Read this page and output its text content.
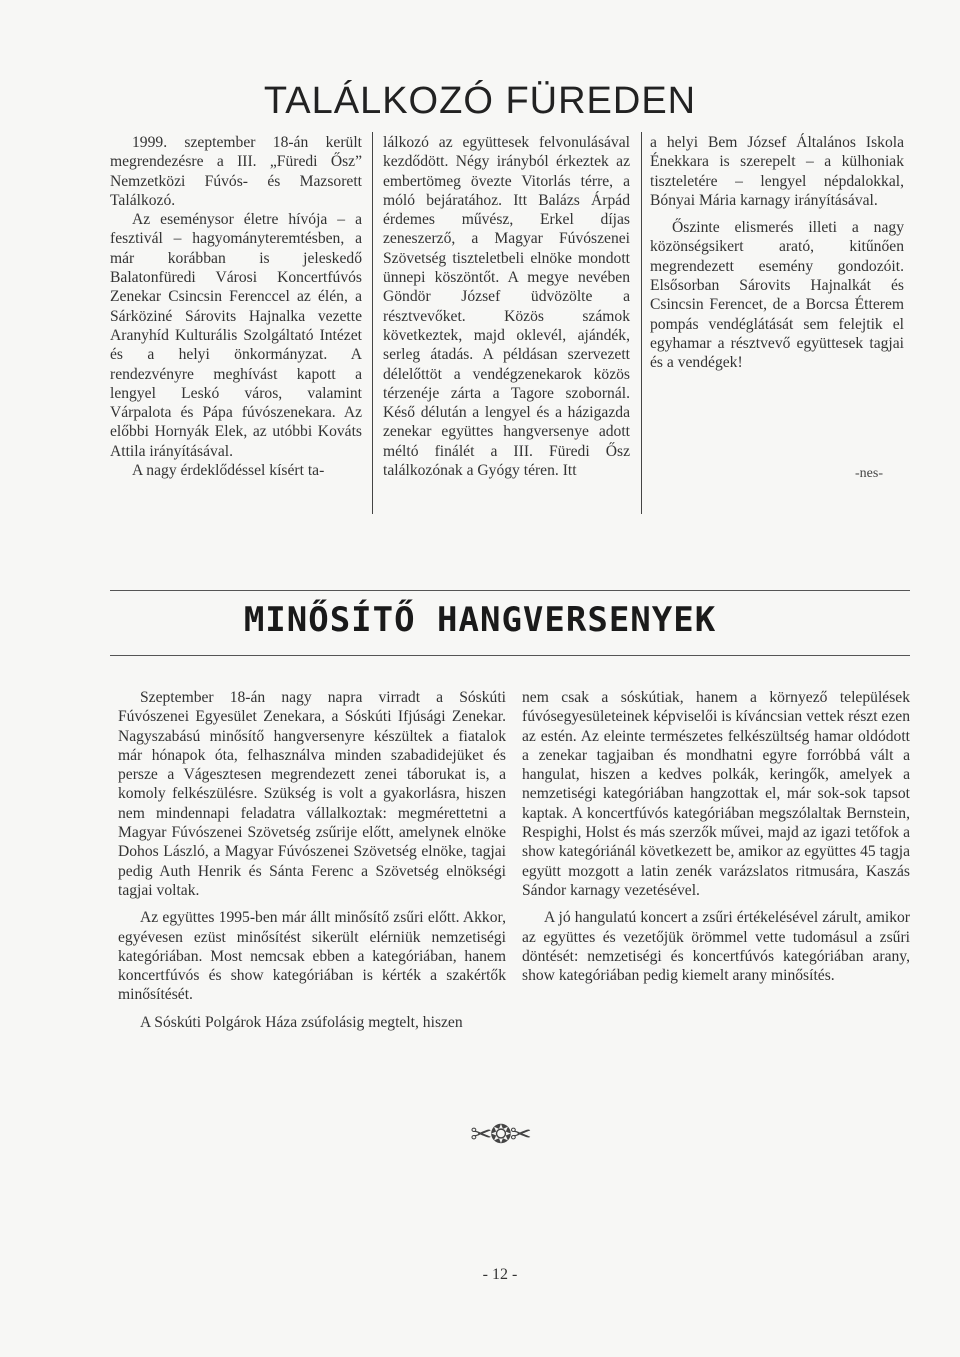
TALÁLKOZÓ FÜREDEN

1999. szeptember 18-án került megrendezésre a III. „Füredi Ősz” Nemzetközi Fúvós- és Mazsorett Találkozó.

Az eseménysor életre hívója – a fesztivál – hagyományteremtésben, a már korábban is jeleskedő Balatonfüredi Városi Koncertfúvós Zenekar Csincsin Ferenccel az élén, a Sárköziné Sárovits Hajnalka vezette Aranyhíd Kulturális Szolgáltató Intézet és a helyi önkormányzat. A rendezvényre meghívást kapott a lengyel Leskó város, valamint Várpalota és Pápa fúvószenekara. Az előbbi Hornyák Elek, az utóbbi Kováts Attila irányításával.

A nagy érdeklődéssel kísért ta-

lálkozó az együttesek felvonulásával kezdődött. Négy irányból érkeztek az embertömeg övezte Vitorlás térre, a móló bejáratához. Itt Balázs Árpád érdemes művész, Erkel díjas zeneszerző, a Magyar Fúvószenei Szövetség tiszteletbeli elnöke mondott ünnepi köszöntőt. A megye nevében Göndör József üdvözölte a résztvevőket. Közös számok következtek, majd oklevél, ajándék, serleg átadás. A példásan szervezett délelőttöt a vendégzenekarok közös térzenéje zárta a Tagore szobornál. Késő délután a lengyel és a házigazda zenekar együttes hangversenye adott méltó finálét a III. Füredi Ősz találkozónak a Gyógy téren. Itt

a helyi Bem József Általános Iskola Énekkara is szerepelt – a külhoniak tiszteletére – lengyel népdalokkal, Bónyai Mária karnagy irányításával.

Őszinte elismerés illeti a nagy közönségsikert arató, kitűnően megrendezett esemény gondozóit. Elsősorban Sárovits Hajnalkát és Csincsin Ferencet, de a Borcsa Étterem pompás vendéglátását sem felejtik el egyhamar a résztvevő együttesek tagjai és a vendégek!

-nes-
MINŐSÍTŐ HANGVERSENYEK

Szeptember 18-án nagy napra virradt a Sóskúti Fúvószenei Egyesület Zenekara, a Sóskúti Ifjúsági Zenekar. Nagyszabású minősítő hangversenyre készültek a fiatalok már hónapok óta, felhasználva minden szabadidejüket és persze a Vágesztesen megrendezett zenei táborukat is, a komoly felkészülésre. Szükség is volt a gyakorlásra, hiszen nem mindennapi feladatra vállalkoztak: megmérettetni a Magyar Fúvószenei Szövetség zsűrije előtt, amelynek elnöke Dohos László, a Magyar Fúvószenei Szövetség elnöke, tagjai pedig Auth Henrik és Sánta Ferenc a Szövetség elnökségi tagjai voltak.

Az együttes 1995-ben már állt minősítő zsűri előtt. Akkor, egyévesen ezüst minősítést sikerült elérniük nemzetiségi kategóriában. Most nemcsak ebben a kategóriában, hanem koncertfúvós és show kategóriában is kérték a szakértők minősítését.

A Sóskúti Polgárok Háza zsúfolásig megtelt, hiszen

nem csak a sóskútiak, hanem a környező települések fúvósegyesületeinek képviselői is kíváncsian vettek részt ezen az estén. Az eleinte természetes felkészültség hamar oldódott a zenekar tagjaiban és mondhatni egyre forróbbá vált a hangulat, hiszen a kedves polkák, keringők, amelyek a nemzetiségi kategóriában hangzottak el, már sok-sok tapsot kaptak. A koncertfúvós kategóriában megszólaltak Bernstein, Respighi, Holst és más szerzők művei, majd az igazi tetőfok a show kategóriánál következett be, amikor az együttes 45 tagja együtt mozgott a latin zenék varázslatos ritmusára, Kaszás Sándor karnagy vezetésével.

A jó hangulatú koncert a zsűri értékelésével zárult, amikor az együttes és vezetőjük örömmel vette tudomásul a zsűri döntését: nemzetiségi és koncertfúvós kategóriában arany, show kategóriában pedig kiemelt arany minősítés.

✂❂✂
- 12 -
